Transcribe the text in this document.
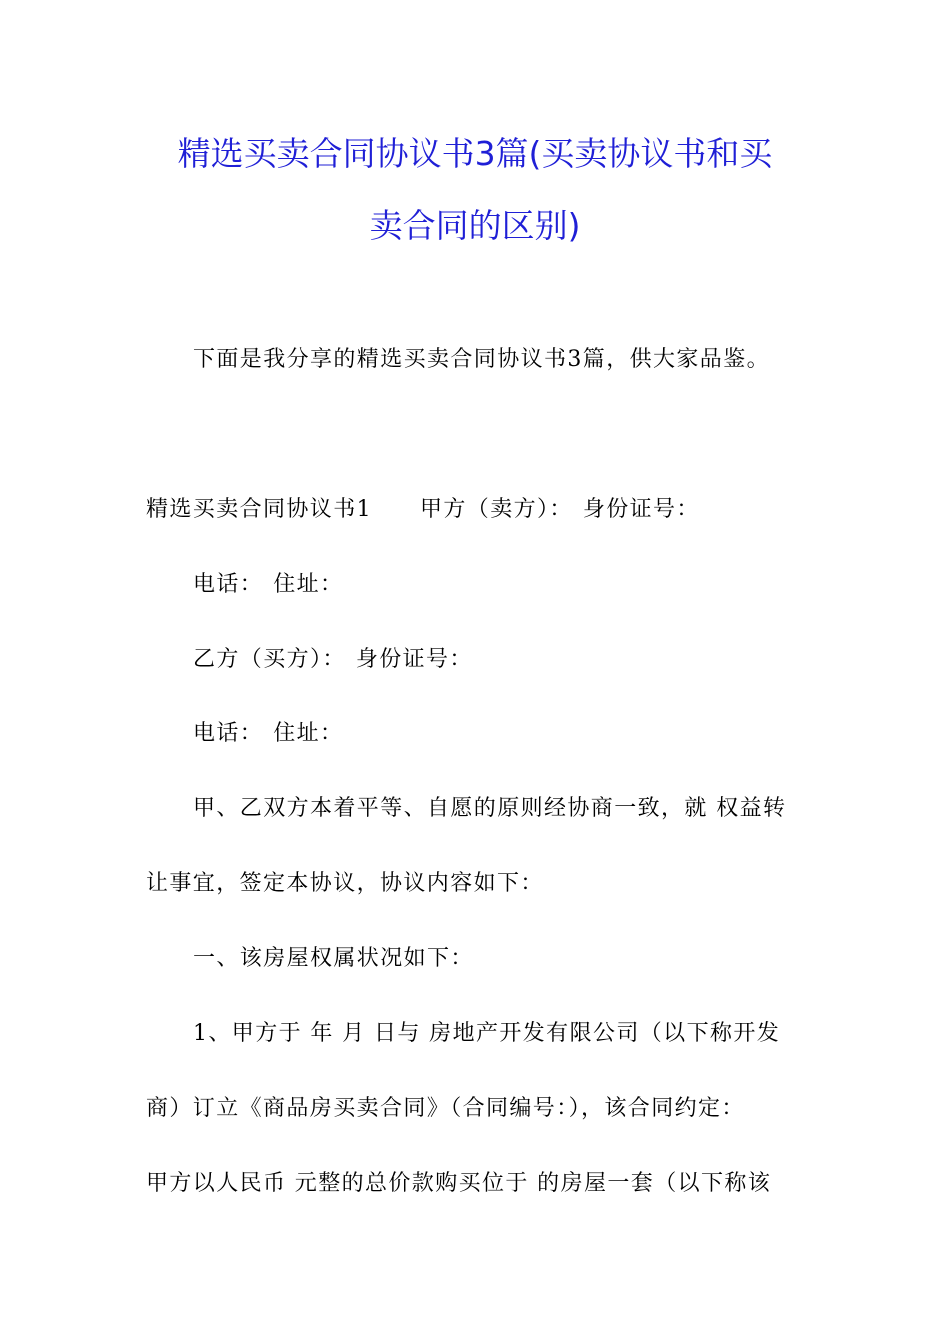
精选买卖合同协议书3篇(买卖协议书和买
卖合同的区别)
下面是我分享的精选买卖合同协议书3篇，供大家品鉴。
精选买卖合同协议书1 甲方（卖方）： 身份证号：
电话： 住址：
乙方（买方）： 身份证号：
电话： 住址：
甲、乙双方本着平等、自愿的原则经协商一致，就 权益转
让事宜，签定本协议，协议内容如下：
一、该房屋权属状况如下：
1、甲方于 年 月 日与 房地产开发有限公司（以下称开发
商）订立《商品房买卖合同》（合同编号：），该合同约定：
甲方以人民币 元整的总价款购买位于 的房屋一套（以下称该
